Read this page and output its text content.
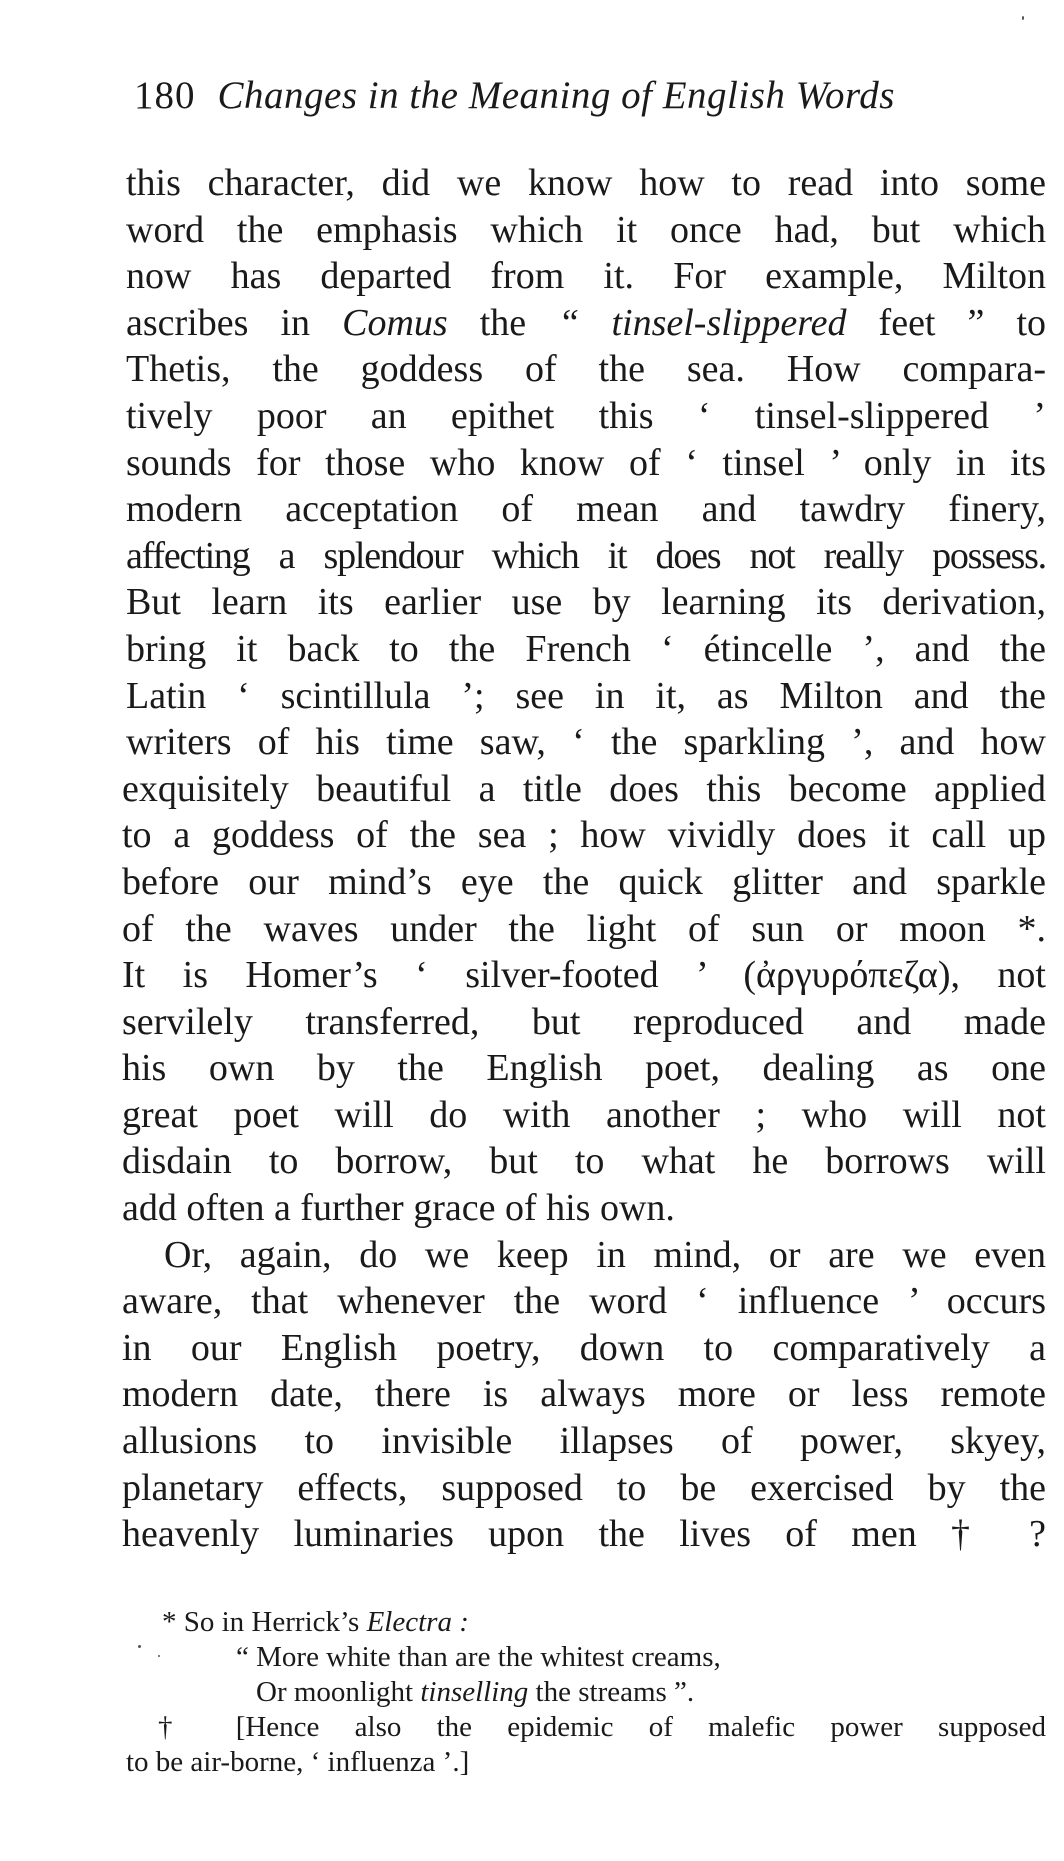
180 Changes in the Meaning of English Words
this character, did we know how to read into some
word the emphasis which it once had, but which
now has departed from it. For example, Milton
ascribes in Comus the “ tinsel-slippered feet ” to
Thetis, the goddess of the sea. How compara-
tively poor an epithet this ‘ tinsel-slippered ’
sounds for those who know of ‘ tinsel ’ only in its
modern acceptation of mean and tawdry finery,
affecting a splendour which it does not really possess.
But learn its earlier use by learning its derivation,
bring it back to the French ‘ étincelle ’, and the
Latin ‘ scintillula ’; see in it, as Milton and the
writers of his time saw, ‘ the sparkling ’, and how
exquisitely beautiful a title does this become applied
to a goddess of the sea ; how vividly does it call up
before our mind’s eye the quick glitter and sparkle
of the waves under the light of sun or moon *.
It is Homer’s ‘ silver-footed ’ (ἀργυρόπεζα), not
servilely transferred, but reproduced and made
his own by the English poet, dealing as one
great poet will do with another ; who will not
disdain to borrow, but to what he borrows will
add often a further grace of his own.
Or, again, do we keep in mind, or are we even
aware, that whenever the word ‘ influence ’ occurs
in our English poetry, down to comparatively a
modern date, there is always more or less remote
allusions to invisible illapses of power, skyey,
planetary effects, supposed to be exercised by the
heavenly luminaries upon the lives of men † ?
* So in Herrick’s Electra :
“ More white than are the whitest creams,
Or moonlight tinselling the streams ”.
† [Hence also the epidemic of malefic power supposed
to be air-borne, ‘ influenza ’.]
